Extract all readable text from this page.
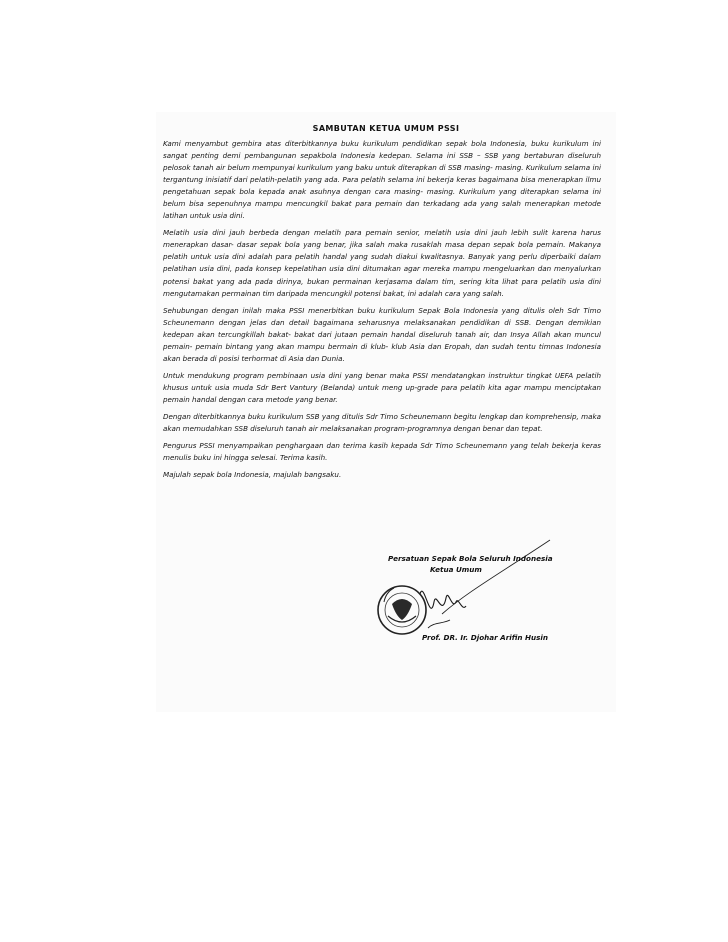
SAMBUTAN KETUA UMUM PSSI

Kami menyambut gembira atas diterbitkannya buku kurikulum pendidikan sepak bola Indonesia, buku kurikulum ini sangat penting demi pembangunan sepakbola Indonesia kedepan. Selama ini SSB – SSB yang bertaburan diseluruh pelosok tanah air belum mempunyai kurikulum yang baku untuk diterapkan di SSB masing- masing. Kurikulum selama ini tergantung inisiatif dari pelatih-pelatih yang ada. Para pelatih selama ini bekerja keras bagaimana bisa menerapkan ilmu pengetahuan sepak bola kepada anak asuhnya dengan cara masing- masing. Kurikulum yang diterapkan selama ini belum bisa sepenuhnya mampu mencungkil bakat para pemain dan terkadang ada yang salah menerapkan metode latihan untuk usia dini.

Melatih usia dini jauh berbeda dengan melatih para pemain senior, melatih usia dini jauh lebih sulit karena harus menerapkan dasar- dasar sepak bola yang benar, jika salah maka rusaklah masa depan sepak bola pemain. Makanya pelatih untuk usia dini adalah para pelatih handal yang sudah diakui kwalitasnya. Banyak yang perlu diperbaiki dalam pelatihan usia dini, pada konsep kepelatihan usia dini ditumakan agar mereka mampu mengeluarkan dan menyalurkan potensi bakat yang ada pada dirinya, bukan permainan kerjasama dalam tim, sering kita lihat para pelatih usia dini mengutamakan permainan tim daripada mencungkil potensi bakat, ini adalah cara yang salah.

Sehubungan dengan inilah maka PSSI menerbitkan buku kurikulum Sepak Bola Indonesia yang ditulis oleh Sdr Timo Scheunemann dengan jelas dan detail bagaimana seharusnya melaksanakan pendidikan di SSB. Dengan demikian kedepan akan tercungkillah bakat- bakat dari jutaan pemain handal diseluruh tanah air, dan Insya Allah akan muncul pemain- pemain bintang yang akan mampu bermain di klub- klub Asia dan Eropah, dan sudah tentu timnas Indonesia akan berada di posisi terhormat di Asia dan Dunia.

Untuk mendukung program pembinaan usia dini yang benar maka PSSI mendatangkan instruktur tingkat UEFA pelatih khusus untuk usia muda Sdr Bert Vantury (Belanda) untuk meng up-grade para pelatih kita agar mampu menciptakan pemain handal dengan cara metode yang benar.

Dengan diterbitkannya buku kurikulum SSB yang ditulis Sdr Timo Scheunemann begitu lengkap dan komprehensip, maka akan memudahkan SSB diseluruh tanah air melaksanakan program-programnya dengan benar dan tepat.

Pengurus PSSI menyampaikan penghargaan dan terima kasih kepada Sdr Timo Scheunemann yang telah bekerja keras menulis buku ini hingga selesai. Terima kasih.

Majulah sepak bola Indonesia, majulah bangsaku.

Persatuan Sepak Bola Seluruh Indonesia
Ketua Umum
Prof. DR. Ir. Djohar Arifin Husin
